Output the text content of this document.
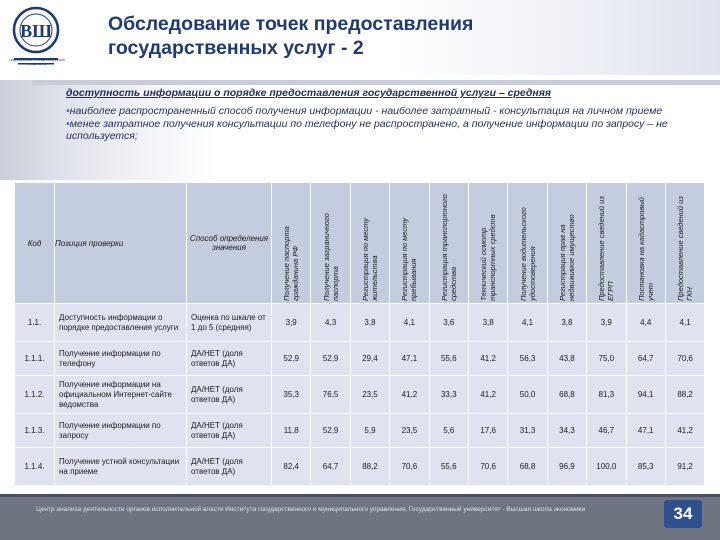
ВШ	Обследование точек предоставления
государственных услуг - 2
НАЦИОНАЛЬНЫЙ ИССЛЕДОВАТЕЛЬСКИЙ УНИВЕРСИТЕТ
доступность информации о порядке предоставления государственной услуги – средняя
•наиболее распространенный способ получения информации - наиболее затратный - консультация на личном приеме
•менее затратное получения консультации по телефону не распространено, а получение информации по запросу – не используется;
Код	Позиция проверки	Способ определения значения	Получение паспорта гражданина РФ	Получение заграничного паспорта	Регистрация по месту жительства	Регистрация по месту пребывания	Регистрация транспортного средства	Технический осмотр транспортных средств	Получение водительского удостоверения	Регистрация прав на недвижимое имущество	Предоставление сведений из ЕГРП	Постановка на кадастровый учет	Предоставление сведений из ГКН

1.1.	Доступность информации о порядке предоставления услуги	Оценка по шкале от 1 до 5 (средняя)	3,9	4,3	3,8	4,1	3,6	3,8	4,1	3,8	3,9	4,4	4,1
1.1.1.	Получение информации по телефону	ДА/НЕТ (доля ответов ДА)	52,9	52,9	29,4	47,1	55,6	41,2	56,3	43,8	75,0	64,7	70,6
1.1.2.	Получение информации на официальном Интернет-сайте ведомства	ДА/НЕТ (доля ответов ДА)	35,3	76,5	23,5	41,2	33,3	41,2	50,0	68,8	81,3	94,1	88,2
1.1.3.	Получение информации по запросу	ДА/НЕТ (доля ответов ДА)	11,8	52,9	5,9	23,5	5,6	17,6	31,3	34,3	46,7	47,1	41,2
1.1.4.	Получение устной консультации на приеме	ДА/НЕТ (доля ответов ДА)	82,4	64,7	88,2	70,6	55,6	70,6	68,8	96,9	100,0	85,3	91,2
Центр анализа деятельности органов исполнительной власти Института государственного и муниципального управления, Государственный университет - Высшая школа экономики	34
